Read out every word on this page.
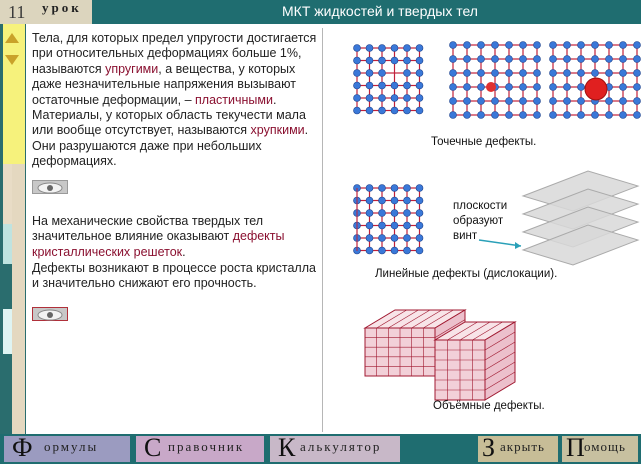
11 урок	МКТ жидкостей и твердых тел
Тела, для которых предел упругости достигается при относительных деформациях больше 1%, называются упругими, а вещества, у которых даже незначительные напряжения вызывают остаточные деформации, – пластичными. Материалы, у которых область текучести мала или вообще отсутствует, называются хрупкими. Они разрушаются даже при небольших деформациях.
На механические свойства твердых тел значительное влияние оказывают дефекты кристаллических решеток.
Дефекты возникают в процессе роста кристалла и значительно снижают его прочность.
Точечные дефекты.
плоскости
образуют
винт
Линейные дефекты (дислокации).
Объёмные дефекты.
Ф ормулы С правочник К алькулятор	З акрыть П омощь
